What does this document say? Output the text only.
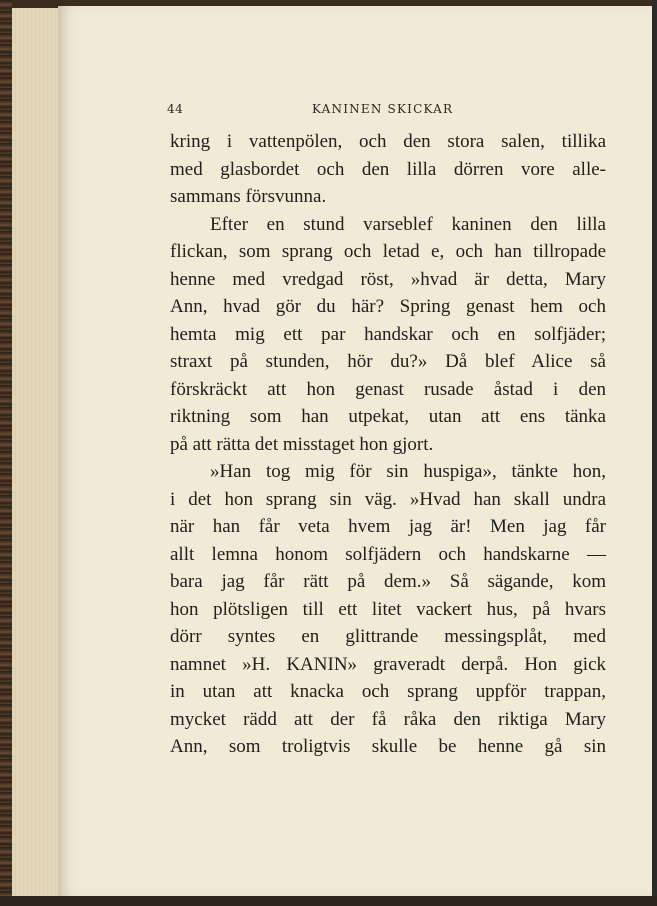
44	KANINEN SKICKAR
kring i vattenpölen, och den stora salen, tillika
med glasbordet och den lilla dörren vore alle-
sammans försvunna.
Efter en stund varseblef kaninen den lilla
flickan, som sprang och letad e, och han tillropade
henne med vredgad röst, »hvad är detta, Mary
Ann, hvad gör du här? Spring genast hem och
hemta mig ett par handskar och en solfjäder;
straxt på stunden, hör du?» Då blef Alice så
förskräckt att hon genast rusade åstad i den
riktning som han utpekat, utan att ens tänka
på att rätta det misstaget hon gjort.
»Han tog mig för sin huspiga», tänkte hon,
i det hon sprang sin väg. »Hvad han skall undra
när han får veta hvem jag är! Men jag får
allt lemna honom solfjädern och handskarne —
bara jag får rätt på dem.» Så sägande, kom
hon plötsligen till ett litet vackert hus, på hvars
dörr syntes en glittrande messingsplåt, med
namnet »H. KANIN» graveradt derpå. Hon gick
in utan att knacka och sprang uppför trappan,
mycket rädd att der få råka den riktiga Mary
Ann, som troligtvis skulle be henne gå sin
